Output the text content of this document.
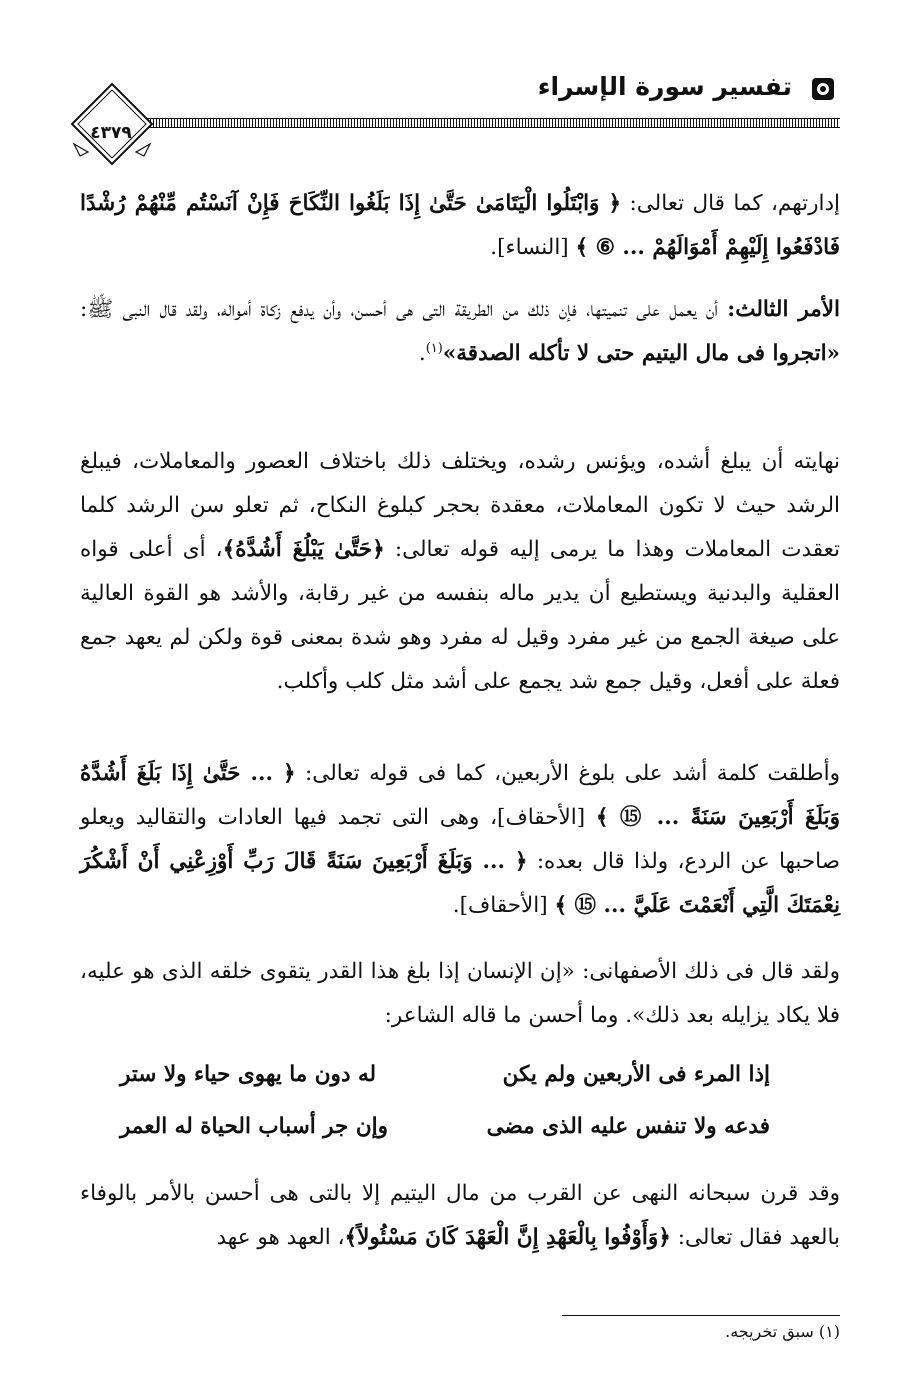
تفسير سورة الإسراء
٤٣٧٩

إدارتهم، كما قال تعالى: ﴿ وَابْتَلُوا الْيَتَامَىٰ حَتَّىٰ إِذَا بَلَغُوا النِّكَاحَ فَإِنْ آنَسْتُم مِّنْهُمْ رُشْدًا فَادْفَعُوا إِلَيْهِمْ أَمْوَالَهُمْ ... ⑥ ﴾ [النساء].

الأمر الثالث: أن يعمل على تنميتها، فإن ذلك من الطريقة التى هى أحسن، وأن يدفع زكاة أمواله، ولقد قال النبى ﷺ: «اتجروا فى مال اليتيم حتى لا تأكله الصدقة»$^{(١)}$.

نهايته أن يبلغ أشده، ويؤنس رشده، ويختلف ذلك باختلاف العصور والمعاملات، فيبلغ الرشد حيث لا تكون المعاملات، معقدة بحجر كبلوغ النكاح، ثم تعلو سن الرشد كلما تعقدت المعاملات وهذا ما يرمى إليه قوله تعالى: ﴿حَتَّىٰ يَبْلُغَ أَشُدَّهُ﴾، أى أعلى قواه العقلية والبدنية ويستطيع أن يدير ماله بنفسه من غير رقابة، والأشد هو القوة العالية على صيغة الجمع من غير مفرد وقيل له مفرد وهو شدة بمعنى قوة ولكن لم يعهد جمع فعلة على أفعل، وقيل جمع شد يجمع على أشد مثل كلب وأكلب.

وأطلقت كلمة أشد على بلوغ الأربعين، كما فى قوله تعالى: ﴿ ... حَتَّىٰ إِذَا بَلَغَ أَشُدَّهُ وَبَلَغَ أَرْبَعِينَ سَنَةً ... ⑮ ﴾ [الأحقاف]، وهى التى تجمد فيها العادات والتقاليد ويعلو صاحبها عن الردع، ولذا قال بعده: ﴿ ... وَبَلَغَ أَرْبَعِينَ سَنَةً قَالَ رَبِّ أَوْزِعْنِي أَنْ أَشْكُرَ نِعْمَتَكَ الَّتِي أَنْعَمْتَ عَلَيَّ ... ⑮ ﴾ [الأحقاف].

ولقد قال فى ذلك الأصفهانى: «إن الإنسان إذا بلغ هذا القدر يتقوى خلقه الذى هو عليه، فلا يكاد يزايله بعد ذلك». وما أحسن ما قاله الشاعر:

إذا المرء فى الأربعين ولم يكن
له دون ما يهوى حياء ولا ستر
فدعه ولا تنفس عليه الذى مضى
وإن جر أسباب الحياة له العمر

وقد قرن سبحانه النهى عن القرب من مال اليتيم إلا بالتى هى أحسن بالأمر بالوفاء بالعهد فقال تعالى: ﴿وَأَوْفُوا بِالْعَهْدِ إِنَّ الْعَهْدَ كَانَ مَسْئُولاً﴾، العهد هو عهد

(١) سبق تخريجه.
